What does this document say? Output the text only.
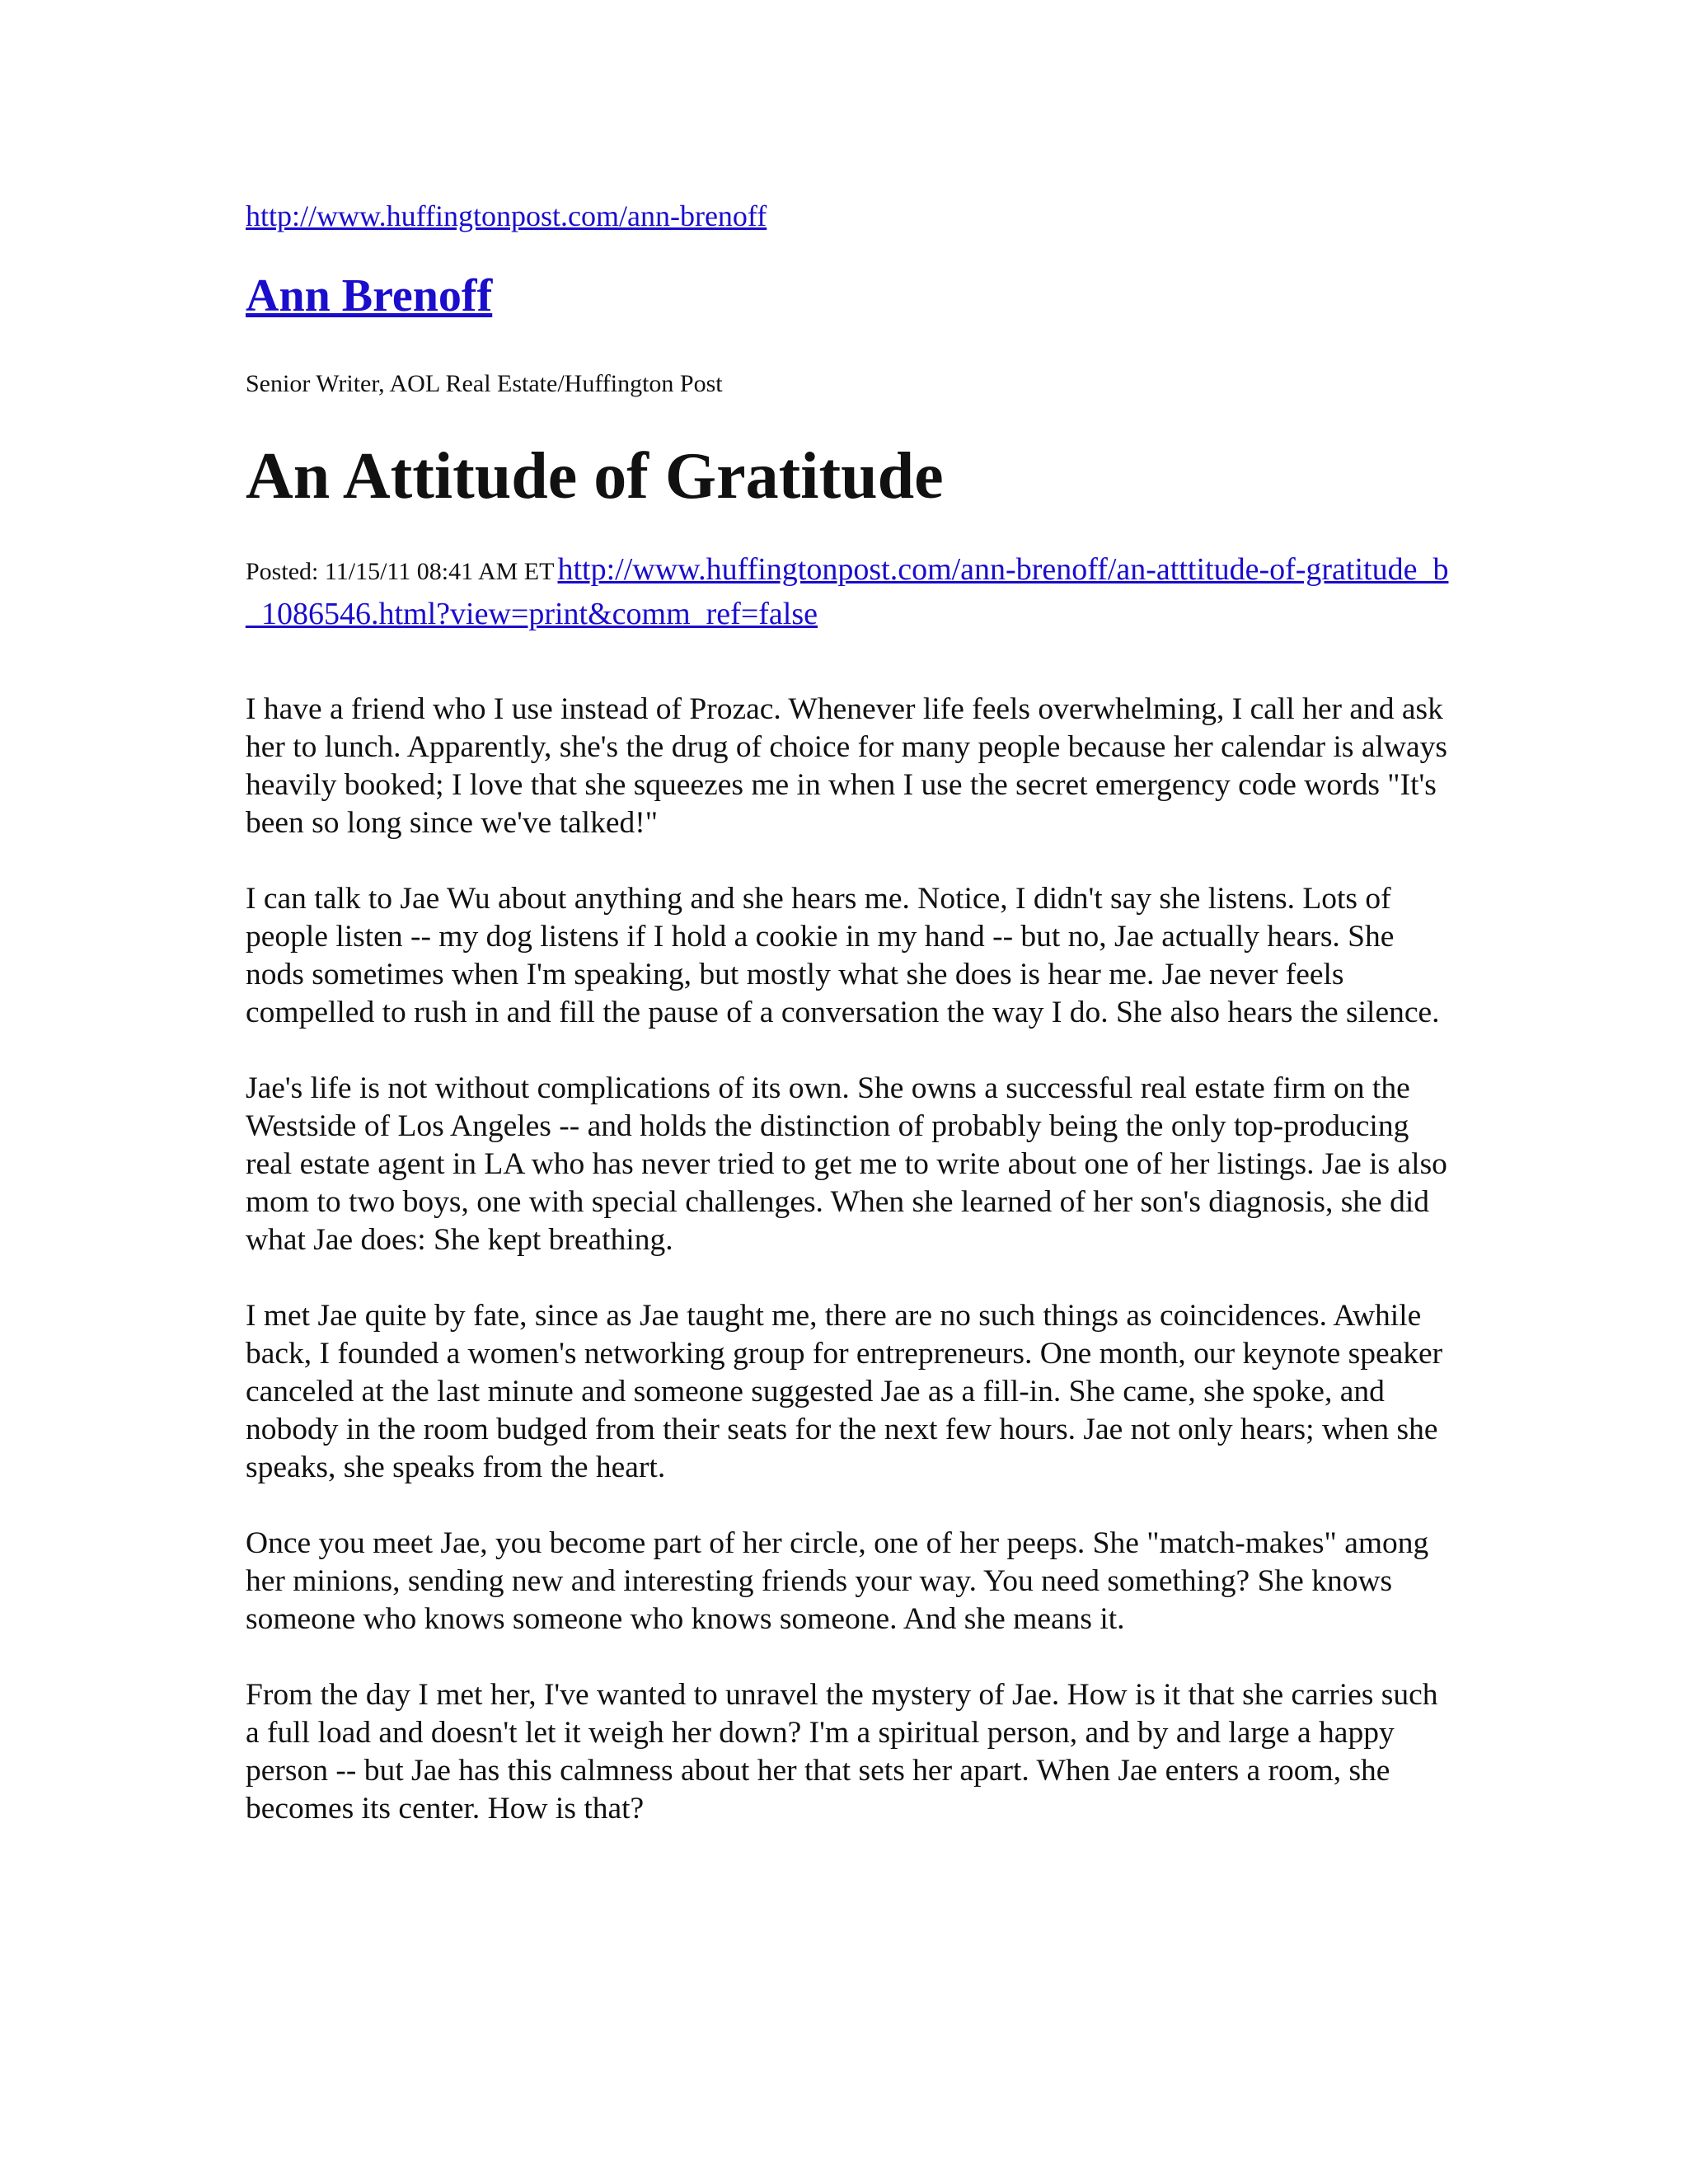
http://www.huffingtonpost.com/ann-brenoff
Ann Brenoff

Senior Writer, AOL Real Estate/Huffington Post

An Attitude of Gratitude

Posted: 11/15/11 08:41 AM ET http://www.huffingtonpost.com/ann-brenoff/an-atttitude-of-gratitude_b_1086546.html?view=print&comm_ref=false

I have a friend who I use instead of Prozac. Whenever life feels overwhelming, I call her and ask her to lunch. Apparently, she's the drug of choice for many people because her calendar is always heavily booked; I love that she squeezes me in when I use the secret emergency code words "It's been so long since we've talked!"

I can talk to Jae Wu about anything and she hears me. Notice, I didn't say she listens. Lots of people listen -- my dog listens if I hold a cookie in my hand -- but no, Jae actually hears. She nods sometimes when I'm speaking, but mostly what she does is hear me. Jae never feels compelled to rush in and fill the pause of a conversation the way I do. She also hears the silence.

Jae's life is not without complications of its own. She owns a successful real estate firm on the Westside of Los Angeles -- and holds the distinction of probably being the only top-producing real estate agent in LA who has never tried to get me to write about one of her listings. Jae is also mom to two boys, one with special challenges. When she learned of her son's diagnosis, she did what Jae does: She kept breathing.

I met Jae quite by fate, since as Jae taught me, there are no such things as coincidences. Awhile back, I founded a women's networking group for entrepreneurs. One month, our keynote speaker canceled at the last minute and someone suggested Jae as a fill-in. She came, she spoke, and nobody in the room budged from their seats for the next few hours. Jae not only hears; when she speaks, she speaks from the heart.

Once you meet Jae, you become part of her circle, one of her peeps. She "match-makes" among her minions, sending new and interesting friends your way. You need something? She knows someone who knows someone who knows someone. And she means it.

From the day I met her, I've wanted to unravel the mystery of Jae. How is it that she carries such a full load and doesn't let it weigh her down? I'm a spiritual person, and by and large a happy person -- but Jae has this calmness about her that sets her apart. When Jae enters a room, she becomes its center. How is that?
